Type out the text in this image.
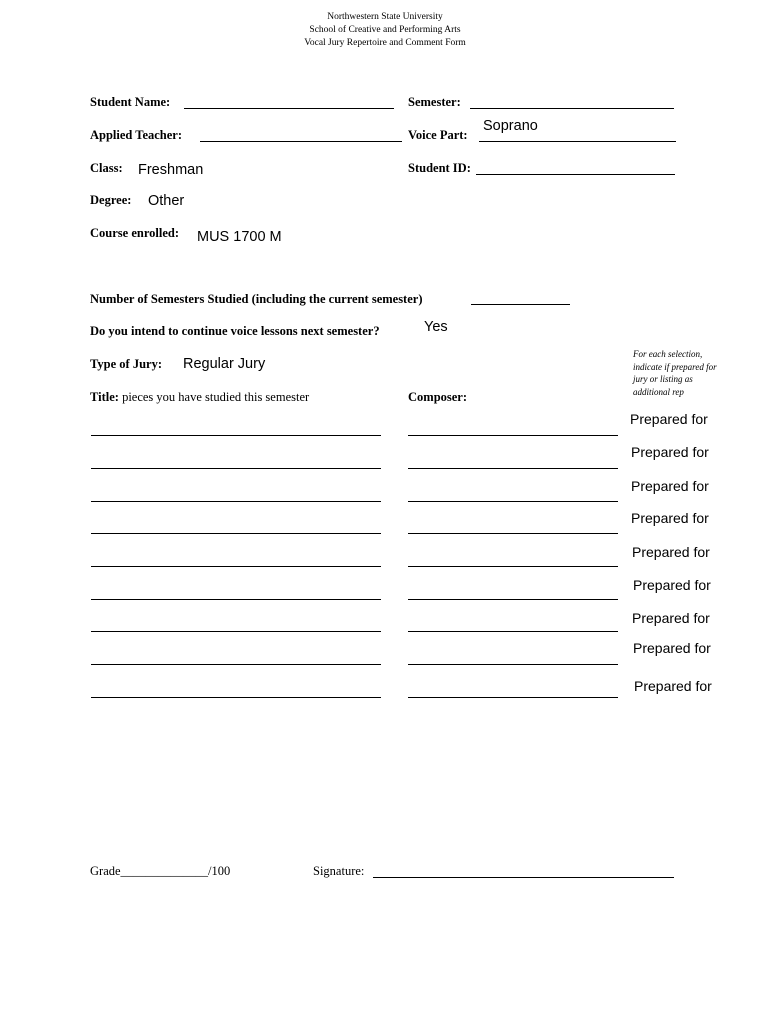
Northwestern State University
School of Creative and Performing Arts
Vocal Jury Repertoire and Comment Form
Student Name:	Semester:
Applied Teacher:	Voice Part:
Soprano
Class: Freshman	Student ID:
Degree: Other
Course enrolled: MUS 1700 M
Number of Semesters Studied (including the current semester)
Do you intend to continue voice lessons next semester?	Yes
Type of Jury: Regular Jury
For each selection, indicate if prepared for jury or listing as additional rep
Title: pieces you have studied this semester	Composer:
Prepared for
Prepared for
Prepared for
Prepared for
Prepared for
Prepared for
Prepared for
Prepared for
Prepared for
Grade______________/100	Signature:
